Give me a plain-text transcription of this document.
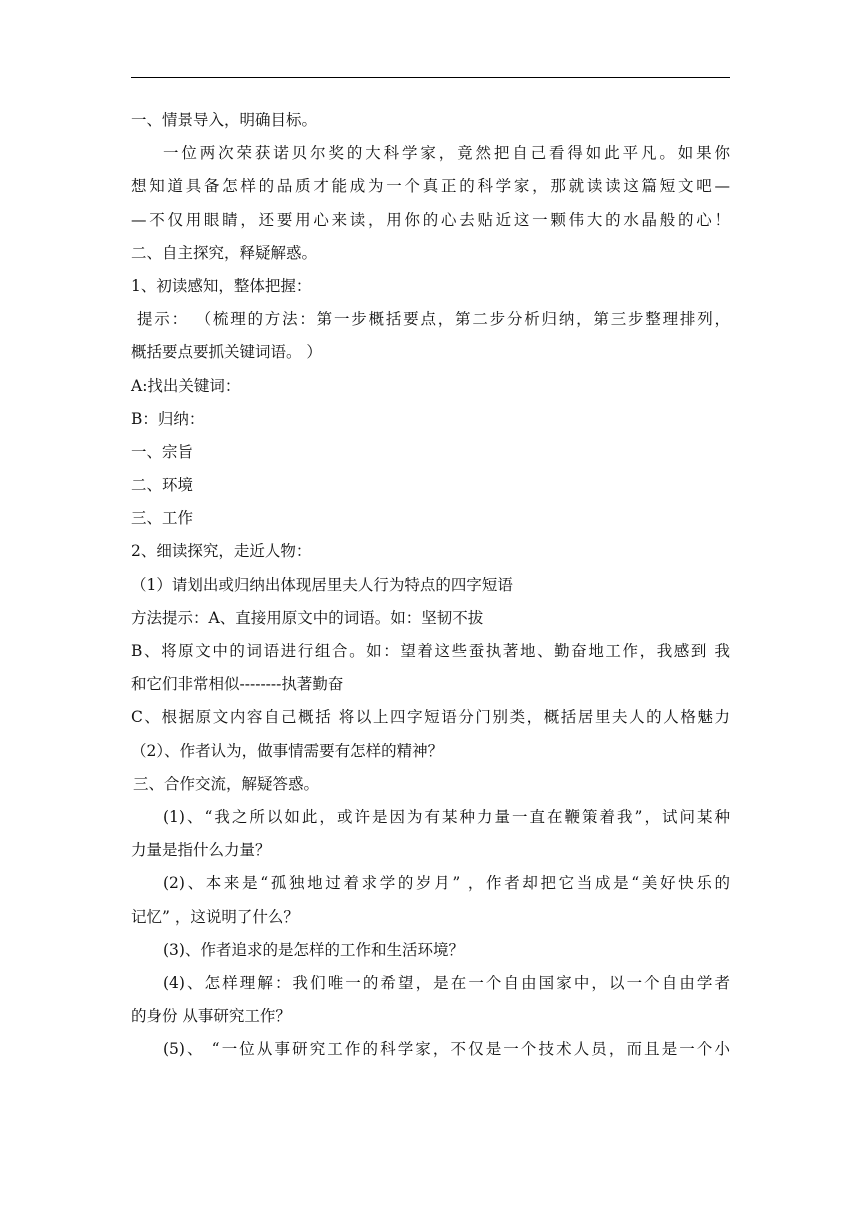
一、情景导入，明确目标。
一位两次荣获诺贝尔奖的大科学家，竟然把自己看得如此平凡。如果你
想知道具备怎样的品质才能成为一个真正的科学家，那就读读这篇短文吧—
—不仅用眼睛，还要用心来读，用你的心去贴近这一颗伟大的水晶般的心！
二、自主探究，释疑解惑。
1、初读感知，整体把握：
提示： （梳理的方法：第一步概括要点，第二步分析归纳，第三步整理排列，
概括要点要抓关键词语。 ）
A:找出关键词：
B：归纳：
一、宗旨
二、环境
三、工作
2、细读探究，走近人物：
（1）请划出或归纳出体现居里夫人行为特点的四字短语
方法提示：A、直接用原文中的词语。如：坚韧不拔
B、将原文中的词语进行组合。如：望着这些蚕执著地、勤奋地工作，我感到 我
和它们非常相似--------执著勤奋
C、根据原文内容自己概括 将以上四字短语分门别类，概括居里夫人的人格魅力
（2）、作者认为，做事情需要有怎样的精神？
三、合作交流，解疑答惑。
(1)、“我之所以如此，或许是因为有某种力量一直在鞭策着我”，试问某种
力量是指什么力量？
(2)、本来是“孤独地过着求学的岁月” ，作者却把它当成是“美好快乐的
记忆” ，这说明了什么？
(3)、作者追求的是怎样的工作和生活环境？
(4)、怎样理解：我们唯一的希望，是在一个自由国家中，以一个自由学者
的身份 从事研究工作？
(5)、 “一位从事研究工作的科学家，不仅是一个技术人员，而且是一个小
